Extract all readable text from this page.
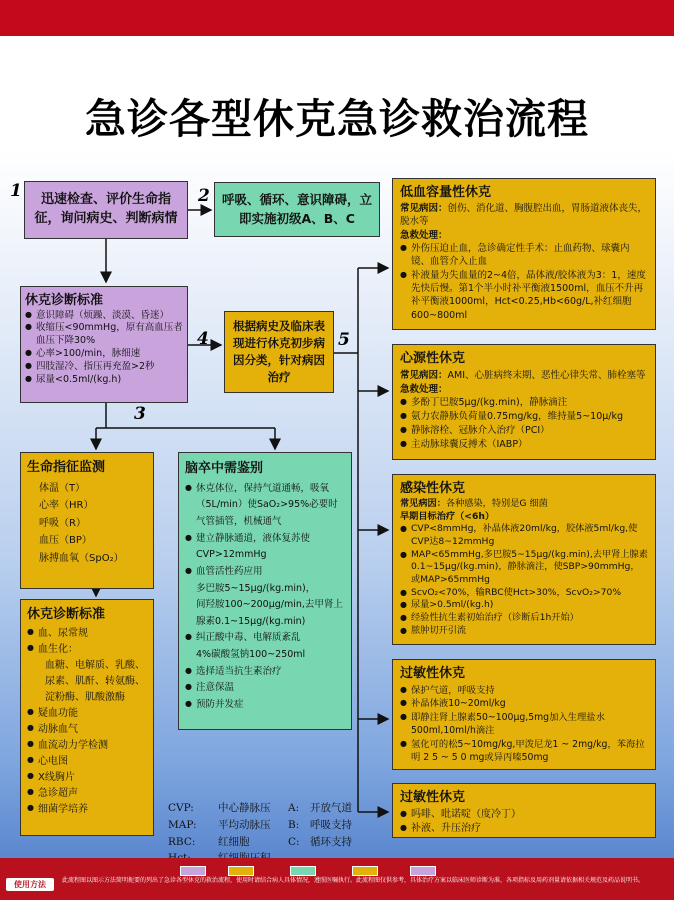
急诊各型休克急诊救治流程
1	2
3
4	5
迅速检查、评价生命指征，询问病史、判断病情
呼吸、循环、意识障碍，立即实施初级A、B、C
休克诊断标准
● 意识障碍（烦躁、淡漠、昏迷）
● 收缩压<90mmHg，原有高血压者血压下降30%
● 心率>100/min，脉细速
● 四肢湿冷、指压再充盈>2秒
● 尿量<0.5ml/(kg.h)
根据病史及临床表现进行休克初步病因分类，针对病因治疗
生命指征监测
体温（T）
心率（HR）
呼吸（R）
血压（BP）
脉搏血氧（SpO₂）
休克诊断标准
● 血、尿常规
● 血生化：
血糖、电解质、乳酸、尿素、肌酐、转氨酶、淀粉酶、肌酸激酶
● 疑血功能
● 动脉血气
● 血流动力学检测
● 心电图
● X线胸片
● 急诊超声
● 细菌学培养
脑卒中需鉴别
● 休克体位，保持气道通畅，吸氧（5L/min）使SaO₂>95%必要时气管插管，机械通气
● 建立静脉通道，液体复苏使CVP>12mmHg
● 血管活性药应用
多巴胺5~15μg/(kg.min)，
间羟胺100~200μg/min,去甲肾上腺素0.1~15μg/(kg.min)
● 纠正酸中毒、电解质紊乱
4%碳酸氢钠100~250ml
● 选择适当抗生素治疗
● 注意保温
● 预防并发症
CVP: 中心静脉压
MAP: 平均动脉压
RBC: 红细胞
A: 开放气道
B: 呼吸支持
C: 循环支持
低血容量性休克
常见病因：创伤、消化道、胸腹腔出血，胃肠道液体丧失，脱水等
急救处理：
● 外伤压迫止血，急诊确定性手术：止血药物、球囊内镜、血管介入止血
● 补液量为失血量的2~4倍，晶体液/胶体液为3：1，速度先快后慢。第1个半小时补平衡液1500ml，血压不升再补平衡液1000ml，Hct<0.25,Hb<60g/L,补红细胞600~800ml
心源性休克
常见病因：AMI、心脏病终末期、恶性心律失常、肺栓塞等
急救处理：
● 多酚丁巴胺5μg/(kg.min)，静脉滴注
● 氨力农静脉负荷量0.75mg/kg，维持量5~10μ/kg
● 静脉溶栓、冠脉介入治疗（PCI）
● 主动脉球囊反搏术（IABP）
感染性休克
常见病因：各种感染，特别是G 细菌
早期目标治疗（<6h）
● CVP<8mmHg，补晶体液20ml/kg，胶体液5ml/kg,使CVP达8~12mmHg
● MAP<65mmHg,多巴胺5~15μg/(kg.min),去甲肾上腺素0.1~15μg/(kg.min)，静脉滴注，使SBP>90mmHg，或MAP>65mmHg
● ScvO₂<70%，输RBC使Hct>30%，ScvO₂>70%
● 尿量>0.5ml/(kg.h)
● 经验性抗生素初始治疗（诊断后1h开始）
● 脓肿切开引流
过敏性休克
● 保护气道，呼吸支持
● 补晶体液10~20ml/kg
● 即静注肾上腺素50~100μg,5mg加入生理盐水500ml,10ml/h滴注
● 氢化可的松5~10mg/kg,甲泼尼龙1 ~ 2mg/kg，苯海拉明 2 5 ~ 5 0 mg或异丙嗪50mg
过敏性休克
● 吗啡、吡诺啶（度冷丁）
● 补液、升压治疗
使用方法	此流程图以图示方法简明扼要的列出了急诊各型休克的救治流程，使用时请结合病人具体情况，遵照医嘱执行。此流程图仅供参考，具体治疗方案以临床医师诊断为准，各项指标及用药剂量请依据相关规范及药品说明书。
